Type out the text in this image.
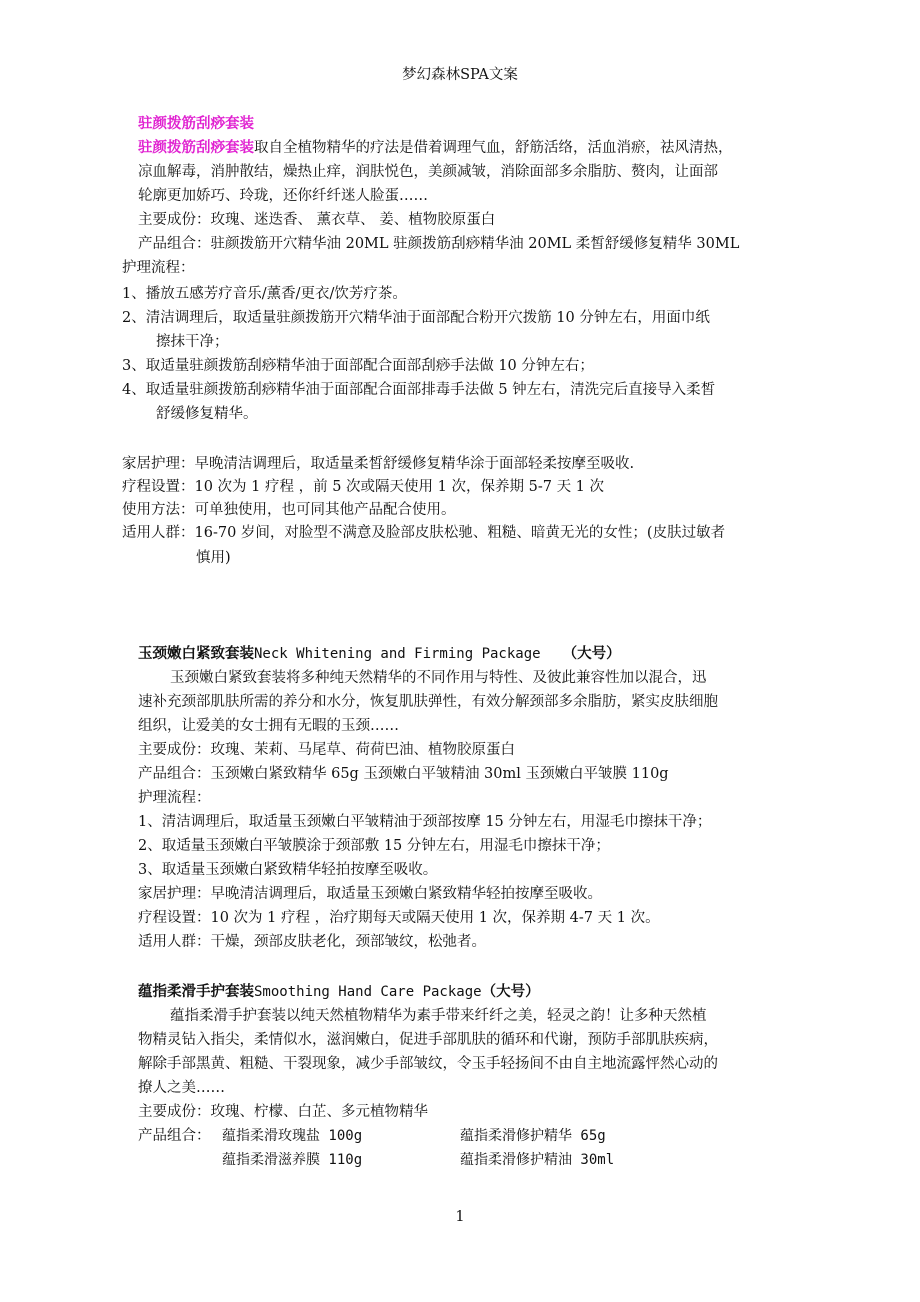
梦幻森林SPA文案
驻颜拨筋刮痧套装
驻颜拨筋刮痧套装取自全植物精华的疗法是借着调理气血，舒筋活络，活血消瘀，祛风清热，
凉血解毒，消肿散结，燥热止痒，润肤悦色，美颜减皱，消除面部多余脂肪、赘肉，让面部
轮廓更加娇巧、玲珑，还你纤纤迷人脸蛋……
主要成份：玫瑰、迷迭香、 薰衣草、 姜、植物胶原蛋白
产品组合：驻颜拨筋开穴精华油 20ML 驻颜拨筋刮痧精华油 20ML 柔皙舒缓修复精华 30ML
护理流程：
1、播放五感芳疗音乐/薰香/更衣/饮芳疗茶。
2、清洁调理后，取适量驻颜拨筋开穴精华油于面部配合粉开穴拨筋 10 分钟左右，用面巾纸
擦抹干净；
3、取适量驻颜拨筋刮痧精华油于面部配合面部刮痧手法做 10 分钟左右；
4、取适量驻颜拨筋刮痧精华油于面部配合面部排毒手法做 5 钟左右，清洗完后直接导入柔皙
舒缓修复精华。
家居护理：早晚清洁调理后，取适量柔皙舒缓修复精华涂于面部轻柔按摩至吸收.
疗程设置：10 次为 1 疗程 ，前 5 次或隔天使用 1 次，保养期 5-7 天 1 次
使用方法：可单独使用，也可同其他产品配合使用。
适用人群：16-70 岁间，对脸型不满意及脸部皮肤松驰、粗糙、暗黄无光的女性；(皮肤过敏者
慎用)
玉颈嫩白紧致套装Neck Whitening and Firming Package （大号）
玉颈嫩白紧致套装将多种纯天然精华的不同作用与特性、及彼此兼容性加以混合，迅
速补充颈部肌肤所需的养分和水分，恢复肌肤弹性，有效分解颈部多余脂肪，紧实皮肤细胞
组织，让爱美的女士拥有无暇的玉颈……
主要成份：玫瑰、茉莉、马尾草、荷荷巴油、植物胶原蛋白
产品组合：玉颈嫩白紧致精华 65g 玉颈嫩白平皱精油 30ml 玉颈嫩白平皱膜 110g
护理流程：
1、清洁调理后，取适量玉颈嫩白平皱精油于颈部按摩 15 分钟左右，用湿毛巾擦抹干净；
2、取适量玉颈嫩白平皱膜涂于颈部敷 15 分钟左右，用湿毛巾擦抹干净；
3、取适量玉颈嫩白紧致精华轻拍按摩至吸收。
家居护理：早晚清洁调理后，取适量玉颈嫩白紧致精华轻拍按摩至吸收。
疗程设置：10 次为 1 疗程 ，治疗期每天或隔天使用 1 次，保养期 4-7 天 1 次。
适用人群：干燥，颈部皮肤老化，颈部皱纹，松弛者。
蕴指柔滑手护套装Smoothing Hand Care Package（大号）
蕴指柔滑手护套装以纯天然植物精华为素手带来纤纤之美，轻灵之韵！让多种天然植
物精灵钻入指尖，柔情似水，滋润嫩白，促进手部肌肤的循环和代谢，预防手部肌肤疾病，
解除手部黑黄、粗糙、干裂现象，减少手部皱纹，令玉手轻扬间不由自主地流露怦然心动的
撩人之美……
主要成份：玫瑰、柠檬、白芷、多元植物精华
产品组合： 蕴指柔滑玫瑰盐 100g	蕴指柔滑修护精华 65g
蕴指柔滑滋养膜 110g	蕴指柔滑修护精油 30ml
1
